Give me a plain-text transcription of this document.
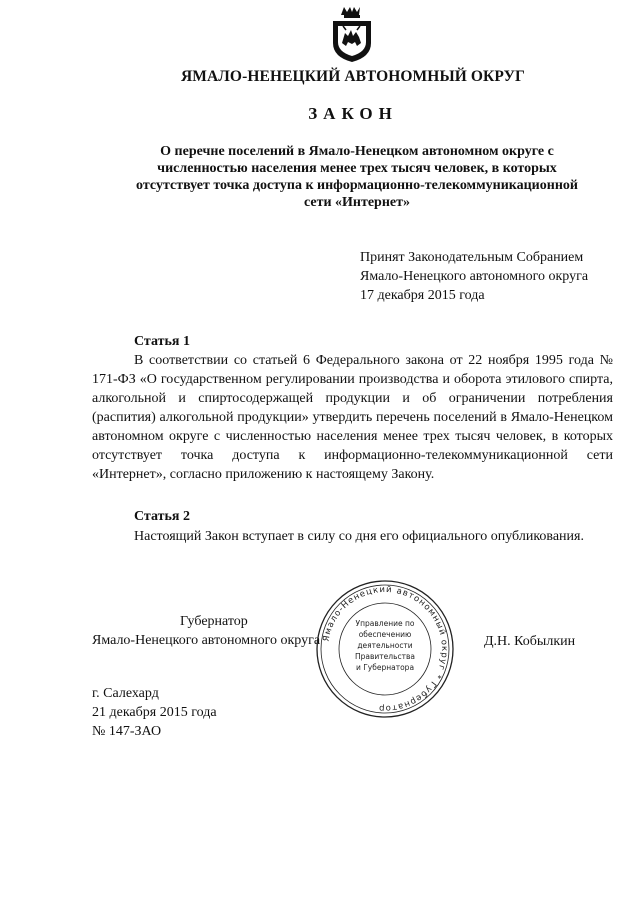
ЯМАЛО-НЕНЕЦКИЙ АВТОНОМНЫЙ ОКРУГ
ЗАКОН
О перечне поселений в Ямало-Ненецком автономном округе с численностью населения менее трех тысяч человек, в которых отсутствует точка доступа к информационно-телекоммуникационной сети «Интернет»
Принят Законодательным Собранием
Ямало-Ненецкого автономного округа
17 декабря 2015 года
Статья 1

В соответствии со статьей 6 Федерального закона от 22 ноября 1995 года № 171-ФЗ «О государственном регулировании производства и оборота этилового спирта, алкогольной и спиртосодержащей продукции и об ограничении потребления (распития) алкогольной продукции» утвердить перечень поселений в Ямало-Ненецком автономном округе с численностью населения менее трех тысяч человек, в которых отсутствует точка доступа к информационно-телекоммуникационной сети «Интернет», согласно приложению к настоящему Закону.

Статья 2

Настоящий Закон вступает в силу со дня его официального опубликования.

Губернатор
Ямало-Ненецкого автономного округа	Д.Н. Кобылкин
Ямало-Ненецкий автономный округ * Губернатор
Управление по
обеспечению
деятельности
Правительства
и Губернатора
г. Салехард
21 декабря 2015 года
№ 147-ЗАО
